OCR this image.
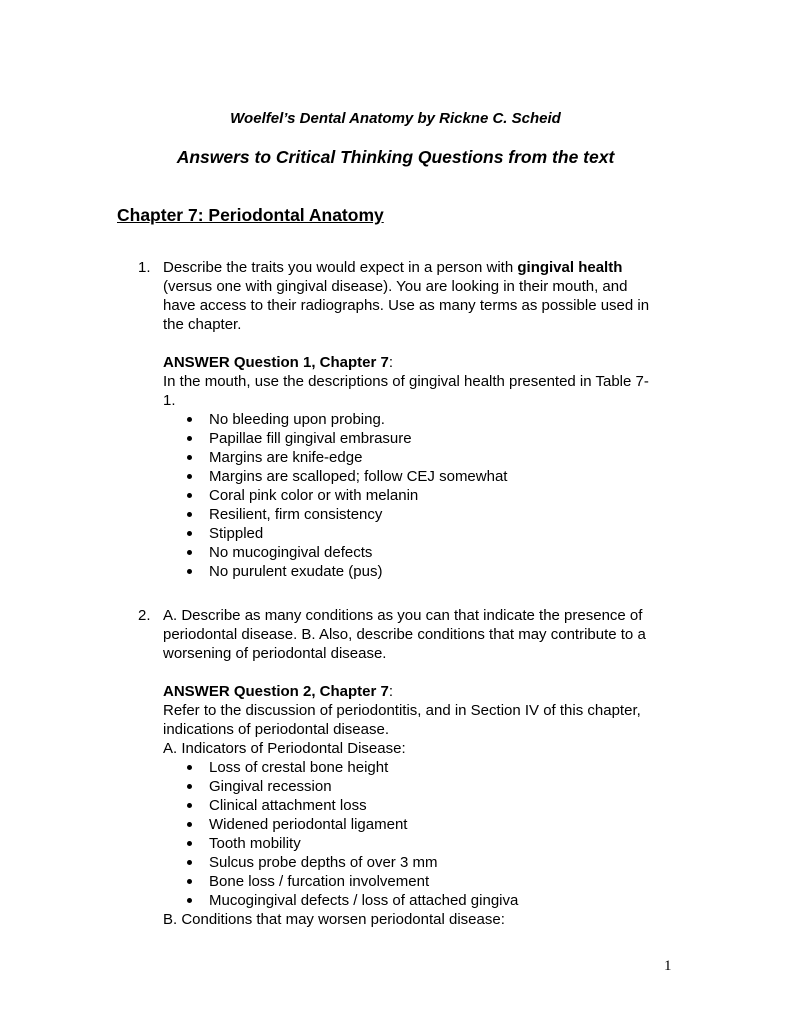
Woelfel’s Dental Anatomy by Rickne C. Scheid
Answers to Critical Thinking Questions from the text
Chapter 7: Periodontal Anatomy
1. Describe the traits you would expect in a person with gingival health

(versus one with gingival disease). You are looking in their mouth, and

have access to their radiographs. Use as many terms as possible used in

the chapter.

ANSWER Question 1, Chapter 7:

In the mouth, use the descriptions of gingival health presented in Table 7-

1.

No bleeding upon probing.
Papillae fill gingival embrasure
Margins are knife-edge
Margins are scalloped; follow CEJ somewhat
Coral pink color or with melanin
Resilient, firm consistency
Stippled
No mucogingival defects
No purulent exudate (pus)
2. A. Describe as many conditions as you can that indicate the presence of

periodontal disease. B. Also, describe conditions that may contribute to a

worsening of periodontal disease.

ANSWER Question 2, Chapter 7:

Refer to the discussion of periodontitis, and in Section IV of this chapter,

indications of periodontal disease.

A. Indicators of Periodontal Disease:

Loss of crestal bone height
Gingival recession
Clinical attachment loss
Widened periodontal ligament
Tooth mobility
Sulcus probe depths of over 3 mm
Bone loss / furcation involvement
Mucogingival defects / loss of attached gingiva

B. Conditions that may worsen periodontal disease:

1
